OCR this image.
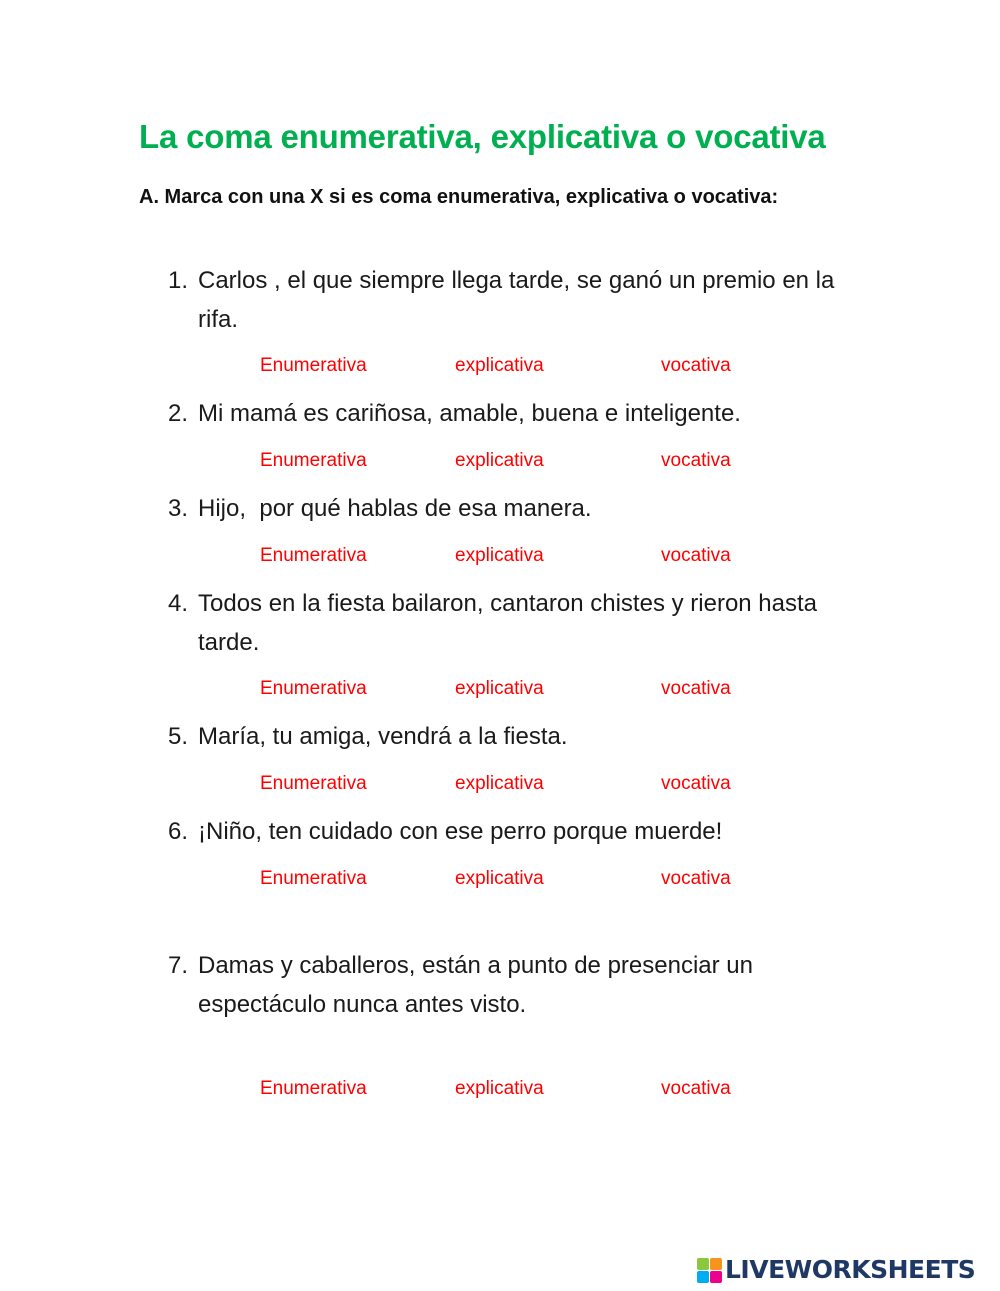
La coma enumerativa, explicativa o vocativa

A. Marca con una X si es coma enumerativa, explicativa o vocativa:

1. Carlos , el que siempre llega tarde, se ganó un premio en la rifa.
Enumerativa	explicativa	vocativa
2. Mi mamá es cariñosa, amable, buena e inteligente.
Enumerativa	explicativa	vocativa
3. Hijo,  por qué hablas de esa manera.
Enumerativa	explicativa	vocativa
4. Todos en la fiesta bailaron, cantaron chistes y rieron hasta tarde.
Enumerativa	explicativa	vocativa
5. María, tu amiga, vendrá a la fiesta.
Enumerativa	explicativa	vocativa
6. ¡Niño, ten cuidado con ese perro porque muerde!
Enumerativa	explicativa	vocativa
7. Damas y caballeros, están a punto de presenciar un espectáculo nunca antes visto.
Enumerativa	explicativa	vocativa
LIVEWORKSHEETS
